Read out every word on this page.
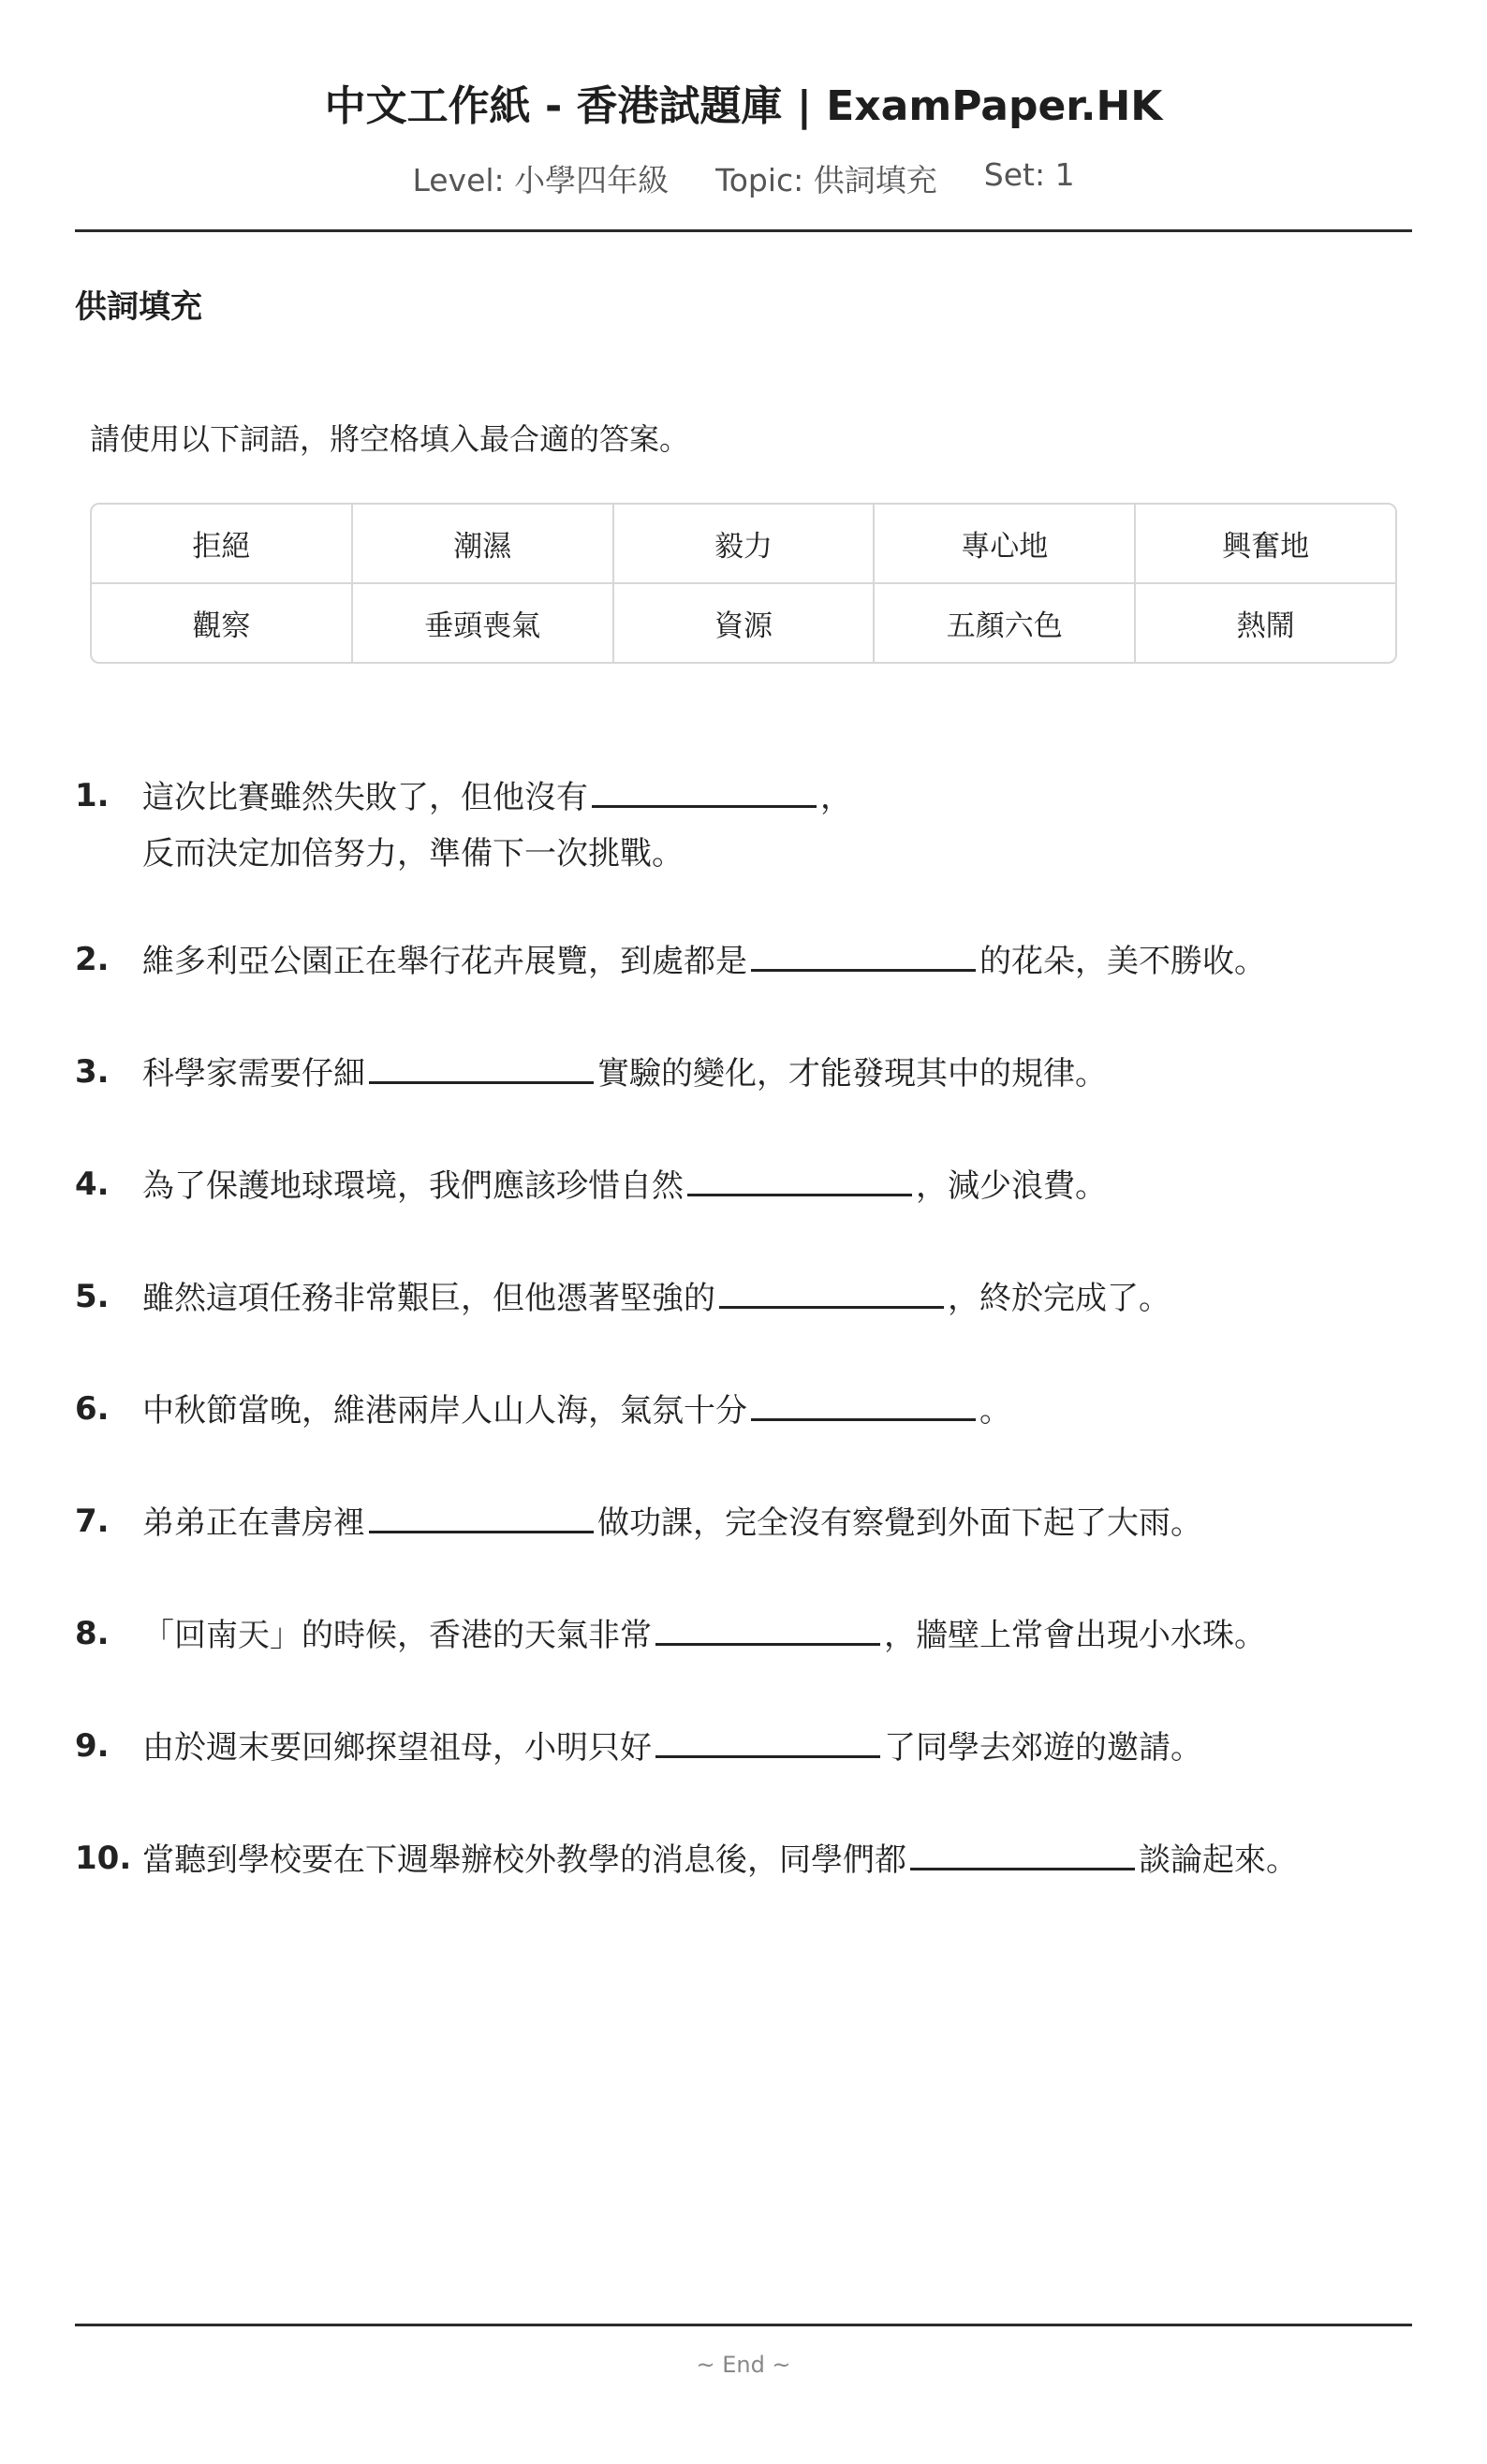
中文工作紙 - 香港試題庫 | ExamPaper.HK
Level: 小學四年級 Topic: 供詞填充 Set: 1
供詞填充
請使用以下詞語，將空格填入最合適的答案。
拒絕	潮濕	毅力	專心地	興奮地
觀察	垂頭喪氣	資源	五顏六色	熱鬧
1.	這次比賽雖然失敗了，但他沒有	，反而決定加倍努力，準備下一次挑戰。
2.	維多利亞公園正在舉行花卉展覽，到處都是	的花朵，美不勝收。
3.	科學家需要仔細	實驗的變化，才能發現其中的規律。
4.	為了保護地球環境，我們應該珍惜自然	，減少浪費。
5.	雖然這項任務非常艱巨，但他憑著堅強的	，終於完成了。
6.	中秋節當晚，維港兩岸人山人海，氣氛十分	。
7.	弟弟正在書房裡	做功課，完全沒有察覺到外面下起了大雨。
8.	「回南天」的時候，香港的天氣非常	，牆壁上常會出現小水珠。
9.	由於週末要回鄉探望祖母，小明只好	了同學去郊遊的邀請。
10. 當聽到學校要在下週舉辦校外教學的消息後，同學們都	談論起來。
~ End ~
